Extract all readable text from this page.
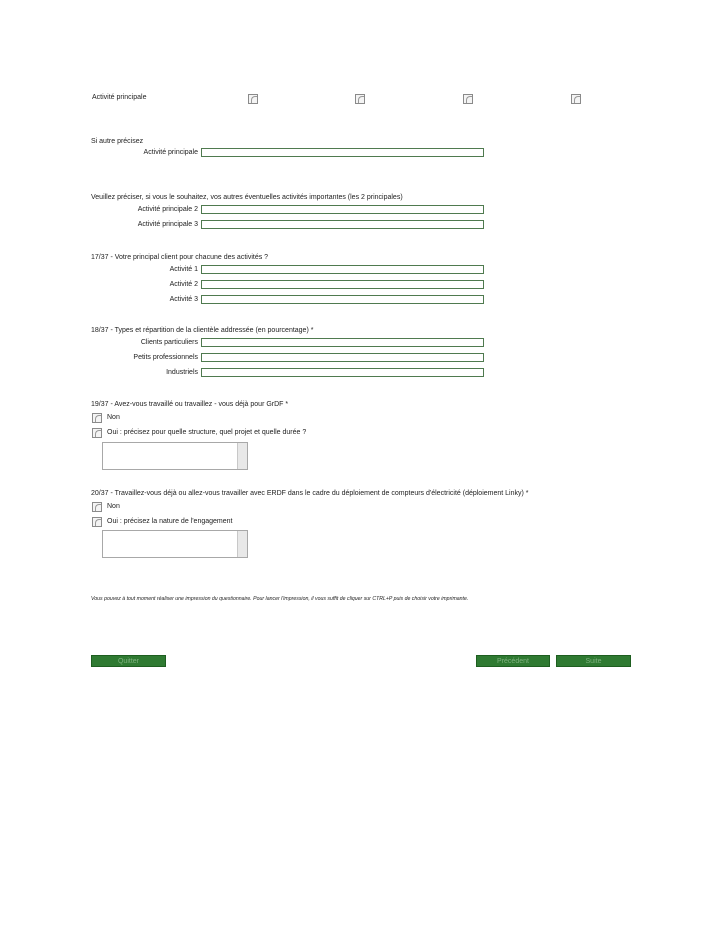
Activité principale
Si autre précisez
Activité principale
Veuillez préciser, si vous le souhaitez, vos autres éventuelles activités importantes (les 2 principales)
Activité principale 2
Activité principale 3
17/37 - Votre principal client pour chacune des activités ?
Activité 1
Activité 2
Activité 3
18/37 - Types et répartition de la clientèle addressée (en pourcentage) *
Clients particuliers
Petits professionnels
Industriels
19/37 - Avez-vous travaillé ou travaillez - vous déjà pour GrDF *
Non
Oui : précisez pour quelle structure, quel projet et quelle durée ?
20/37 - Travaillez-vous déjà ou allez-vous travailler avec ERDF dans le cadre du déploiement de compteurs d'électricité (déploiement Linky) *
Non
Oui : précisez la nature de l'engagement
Vous pouvez à tout moment réaliser une impression du questionnaire. Pour lancer l'impression, il vous suffit de cliquer sur CTRL+P puis de choisir votre imprimante.
Quitter	Précédent	Suite
